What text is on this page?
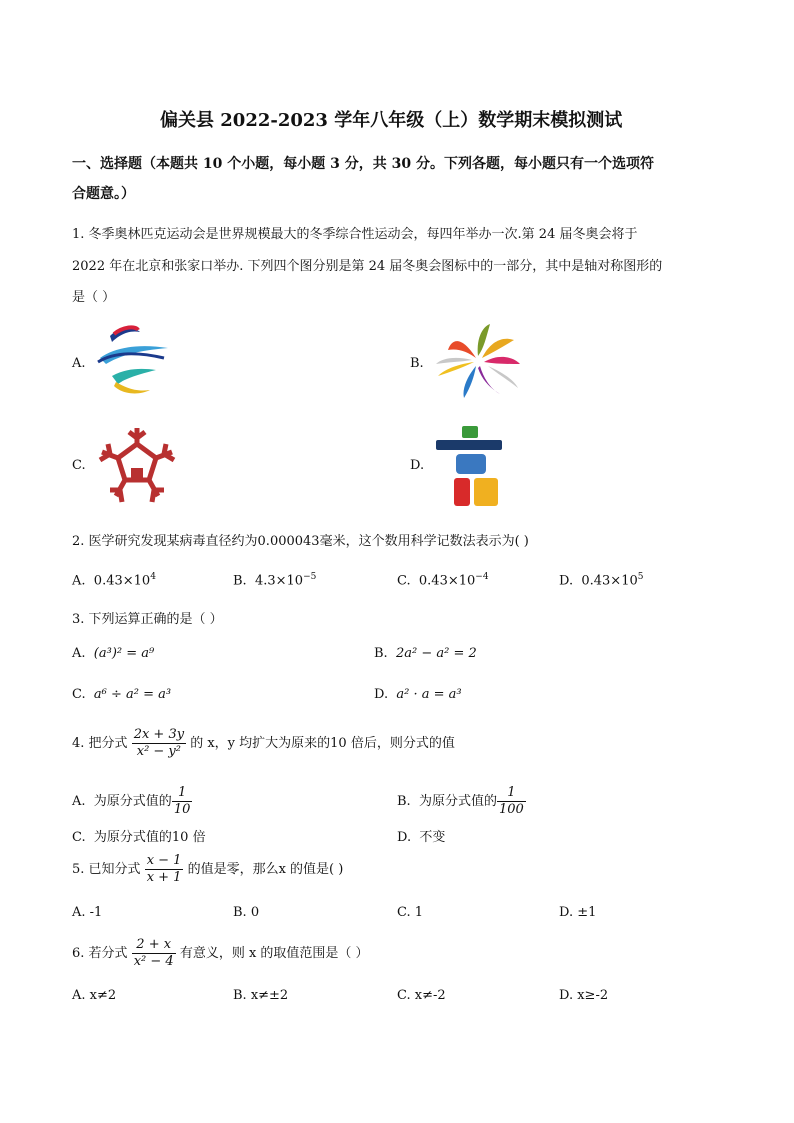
偏关县 2022-2023 学年八年级（上）数学期末模拟测试
一、选择题（本题共 10 个小题，每小题 3 分，共 30 分。下列各题，每小题只有一个选项符
合题意。）
1. 冬季奥林匹克运动会是世界规模最大的冬季综合性运动会，每四年举办一次.第 24 届冬奥会将于
2022 年在北京和张家口举办. 下列四个图分别是第 24 届冬奥会图标中的一部分，其中是轴对称图形的
是（ ）
A.	B.
C.	D.
2. 医学研究发现某病毒直径约为0.000043毫米，这个数用科学记数法表示为( )
A. $0.43\times 10^4$	B. $4.3\times 10^{-5}$	C. $0.43\times 10^{-4}$	D. $0.43\times 10^5$
3. 下列运算正确的是（ ）
A. (a³)² = a⁹	B. 2a² − a² = 2
C. a⁶ ÷ a² = a³	D. a² · a = a³
4. 把分式 $\frac{2x + 3y}{\text{x² − y²}}$ 的 x，y 均扩大为原来的10 倍后，则分式的值
A. 为原分式值的 $\frac{1}{10}$	B. 为原分式值的 $\frac{1}{100}$
C. 为原分式值的10 倍	D. 不变
5. 已知分式 $\frac{x - 1}{x + 1}$ 的值是零，那么x 的值是( )
A. -1	B. 0	C. 1	D. ±1
6. 若分式 $\frac{2 + x}{\text{x² − 4}}$ 有意义，则 x 的取值范围是（ ）
A. x≠2	B. x≠±2	C. x≠-2	D. x≥-2
